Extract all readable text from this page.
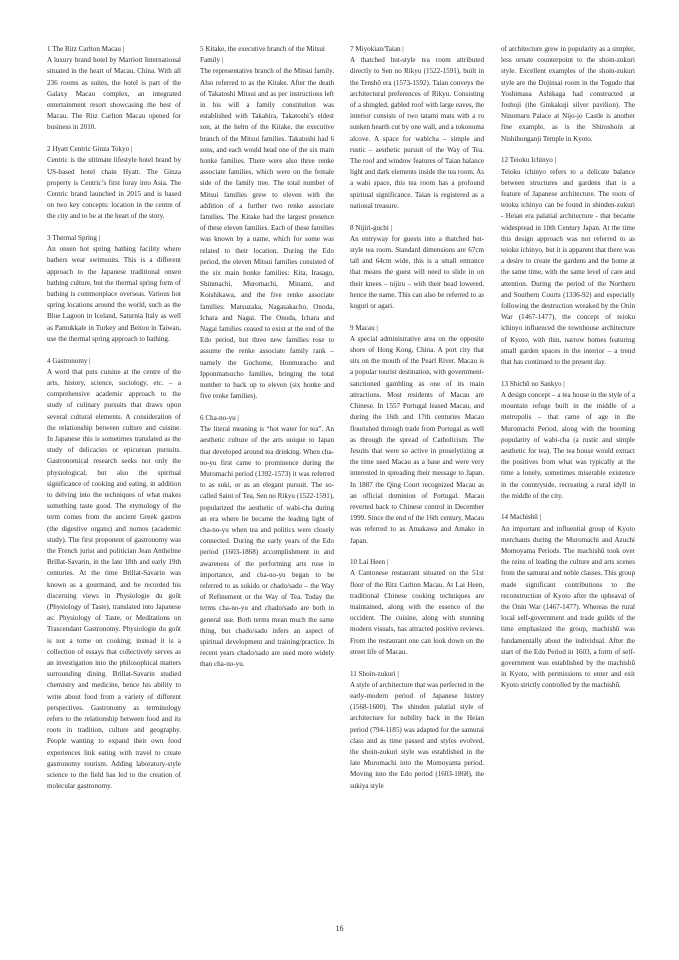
1 The Ritz Carlton Macau |
A luxury brand hotel by Marriott International situated in the heart of Macau, China. With all 236 rooms as suites, the hotel is part of the Galaxy Macau complex, an integrated entertainment resort showcasing the best of Macau. The Ritz Carlton Macau opened for business in 2010.
2 Hyatt Centric Ginza Tokyo |
Centric is the ultimate lifestyle hotel brand by US-based hotel chain Hyatt. The Ginza property is Centric’s first foray into Asia. The Centric brand launched in 2015 and is based on two key concepts: location in the centre of the city and to be at the heart of the story.
3 Thermal Spring |
An onsen hot spring bathing facility where bathers wear swimsuits. This is a different approach to the Japanese traditional onsen bathing culture, but the thermal spring form of bathing is commonplace overseas. Various hot spring locations around the world, such as the Blue Lagoon in Iceland, Saturnia Italy as well as Pamukkale in Turkey and Beitou in Taiwan, use the thermal spring approach to bathing.
4 Gastronomy |
A word that puts cuisine at the centre of the arts, history, science, sociology, etc. – a comprehensive academic approach to the study of culinary pursuits that draws upon several cultural elements. A consideration of the relationship between culture and cuisine. In Japanese this is sometimes translated as the study of delicacies or epicurean pursuits. Gastronomical research seeks not only the physiological, but also the spiritual significance of cooking and eating, in addition to delving into the techniques of what makes something taste good. The etymology of the term comes from the ancient Greek gastros (the digestive organs) and nomos (academic study). The first proponent of gastronomy was the French jurist and politician Jean Anthelme Brillat-Savarin, in the late 18th and early 19th centuries. At the time Brillat-Savarin was known as a gourmand, and he recorded his discerning views in Physiologie du goût (Physiology of Taste), translated into Japanese as: Physiology of Taste, or Meditations on Trascendant Gastronomy. Physiologie du goût is not a tome on cooking; instead it is a collection of essays that collectively serves as an investigation into the philosophical matters surrounding dining. Brillat-Savarin studied chemistry and medicine, hence his ability to write about food from a variety of different perspectives. Gastronomy as terminology refers to the relationship between food and its roots in tradition, culture and geography. People wanting to expand their own food experiences link eating with travel to create gastronomy tourism. Adding laboratory-style science to the field has led to the creation of molecular gastronomy.
5 Kitake, the executive branch of the Mitsui Family |
The representative branch of the Mitsui family. Also referred to as the Kitake. After the death of Takatoshi Mitsui and as per instructions left in his will a family constitution was established with Takahira, Takatoshi’s eldest son, at the helm of the Kitake, the executive branch of the Mitsui families. Takatoshi had 6 sons, and each would head one of the six main honke families. There were also three renke associate families, which were on the female side of the family tree. The total number of Mitsui families grew to eleven with the addition of a further two renke associate families. The Kitake had the largest presence of these eleven families. Each of these families was known by a name, which for some was related to their location. During the Edo period, the eleven Mitsui families consisted of the six main honke families: Kita, Irasago, Shinmachi, Muromachi, Minami, and Koishikawa, and the five renke associate families: Matsuzaka, Nagasakacho, Onoda, Ichara and Nagai. The Onoda, Ichara and Nagai families ceased to exist at the end of the Edo period, but three new families rose to assume the renke associate family rank – namely the Gochome, Honmuracho and Ipponmatsucho families, bringing the total number to back up to eleven (six honke and five renke families).
6 Cha-no-yu |
The literal meaning is “hot water for tea”. An aesthetic culture of the arts unique to Japan that developed around tea drinking. When cha-no-yu first came to prominence during the Muromachi period (1392-1573) it was referred to as suki, or as an elegant pursuit. The so-called Saint of Tea, Sen no Rikyu (1522-1591), popularized the aesthetic of wabi-cha during an era where he became the leading light of cha-no-yu when tea and politics were closely connected. During the early years of the Edo period (1603-1868) accomplishment in and awareness of the performing arts rose in importance, and cha-no-yu began to be referred to as sukido or chado/sado – the Way of Refinement or the Way of Tea. Today the terms cha-no-yu and chado/sado are both in general use. Both terms mean much the same thing, but chado/sado infers an aspect of spiritual development and training/practice. In recent years chado/sado are used more widely than cha-no-yu.
7 Miyokian/Taian |
A thatched hut-style tea room attributed directly to Sen no Rikyu (1522-1591), built in the Tenshō era (1573-1592). Taian conveys the architectural preferences of Rikyu. Consisting of a shingled, gabled roof with large eaves, the interior consists of two tatami mats with a ro sunken hearth cut by one wall, and a tokonoma alcove. A space for wabicha – simple and rustic – aesthetic pursuit of the Way of Tea. The roof and window features of Taian balance light and dark elements inside the tea room. As a wabi space, this tea room has a profound spiritual significance. Taian is registered as a national treasure.
8 Nijiri-guchi |
An entryway for guests into a thatched hut-style tea room. Standard dimensions are 67cm tall and 64cm wide, this is a small entrance that means the guest will need to slide in on their knees – nijiru – with their head lowered, hence the name. This can also be referred to as kuguri or agari.
9 Macau |
A special administrative area on the opposite shore of Hong Kong, China. A port city that sits on the mouth of the Pearl River. Macau is a popular tourist destination, with government-sanctioned gambling as one of its main attractions. Most residents of Macau are Chinese. In 1557 Portugal leased Macau, and during the 16th and 17th centuries Macau flourished through trade from Portugal as well as through the spread of Catholicism. The Jesuits that were so active in proselytizing at the time used Macau as a base and were very interested in spreading their message to Japan. In 1887 the Qing Court recognized Macau as an official dominion of Portugal. Macau reverted back to Chinese control in December 1999. Since the end of the 16th century, Macau was referred to as Amakawa and Amako in Japan.
10 Lai Heen |
A Cantonese restaurant situated on the 51st floor of the Ritz Carlton Macau. At Lai Heen, traditional Chinese cooking techniques are maintained, along with the essence of the occident. The cuisine, along with stunning modern visuals, has attracted positive reviews. From the restaurant one can look down on the street life of Macau.
11 Shoin-zukuri |
A style of architecture that was perfected in the early-modern period of Japanese history (1568-1600). The shinden palatial style of architecture for nobility back in the Heian period (794-1185) was adapted for the samurai class and as time passed and styles evolved, the shoin-zukuri style was established in the late Muromachi into the Momoyama period. Moving into the Edo period (1603-1868), the sukiya style
of architecture grew in popularity as a simpler, less ornate counterpoint to the shoin-zukuri style. Excellent examples of the shoin-zukuri style are the Dojinsai room in the Togudo that Yoshimasa Ashikaga had constructed at Joshoji (the Ginkakuji silver pavilion). The Ninomaru Palace at Nijo-jo Castle is another fine example, as is the Shiroshoin at Nishihonganji Temple in Kyoto.
12 Teioku Ichinyo |
Teioku ichinyo refers to a delicate balance between structures and gardens that is a feature of Japanese architecture. The roots of teioku ichinyo can be found in shinden-zukuri - Heian era palatial architecture - that became widespread in 10th Century Japan. At the time this design approach was not referred to as teioku ichinyo, but it is apparent that there was a desire to create the gardens and the home at the same time, with the same level of care and attention. During the period of the Northern and Southern Courts (1336-92) and especially following the destruction wreaked by the Onin War (1467-1477), the concept of teioku ichinyo influenced the townhouse architecture of Kyoto, with thin, narrow homes featuring small garden spaces in the interior – a trend that has continued to the present day.
13 Shichū no Sankyo |
A design concept – a tea house in the style of a mountain refuge built in the middle of a metropolis – that came of age in the Muromachi Period, along with the booming popularity of wabi-cha (a rustic and simple aesthetic for tea). The tea house would extract the positives from what was typically at the time a lonely, sometimes miserable existence in the countryside, recreating a rural idyll in the middle of the city.
14 Machishū |
An important and influential group of Kyoto merchants during the Muromachi and Azuchi Momoyama Periods. The machishū took over the reins of leading the culture and arts scenes from the samurai and noble classes. This group made significant contributions to the reconstruction of Kyoto after the upheaval of the Onin War (1467-1477). Whereas the rural local self-government and trade guilds of the time emphasized the group, machishū was fundamentally about the individual. After the start of the Edo Period in 1603, a form of self-government was established by the machishū in Kyoto, with permissions to enter and exit Kyoto strictly controlled by the machishū.
16
